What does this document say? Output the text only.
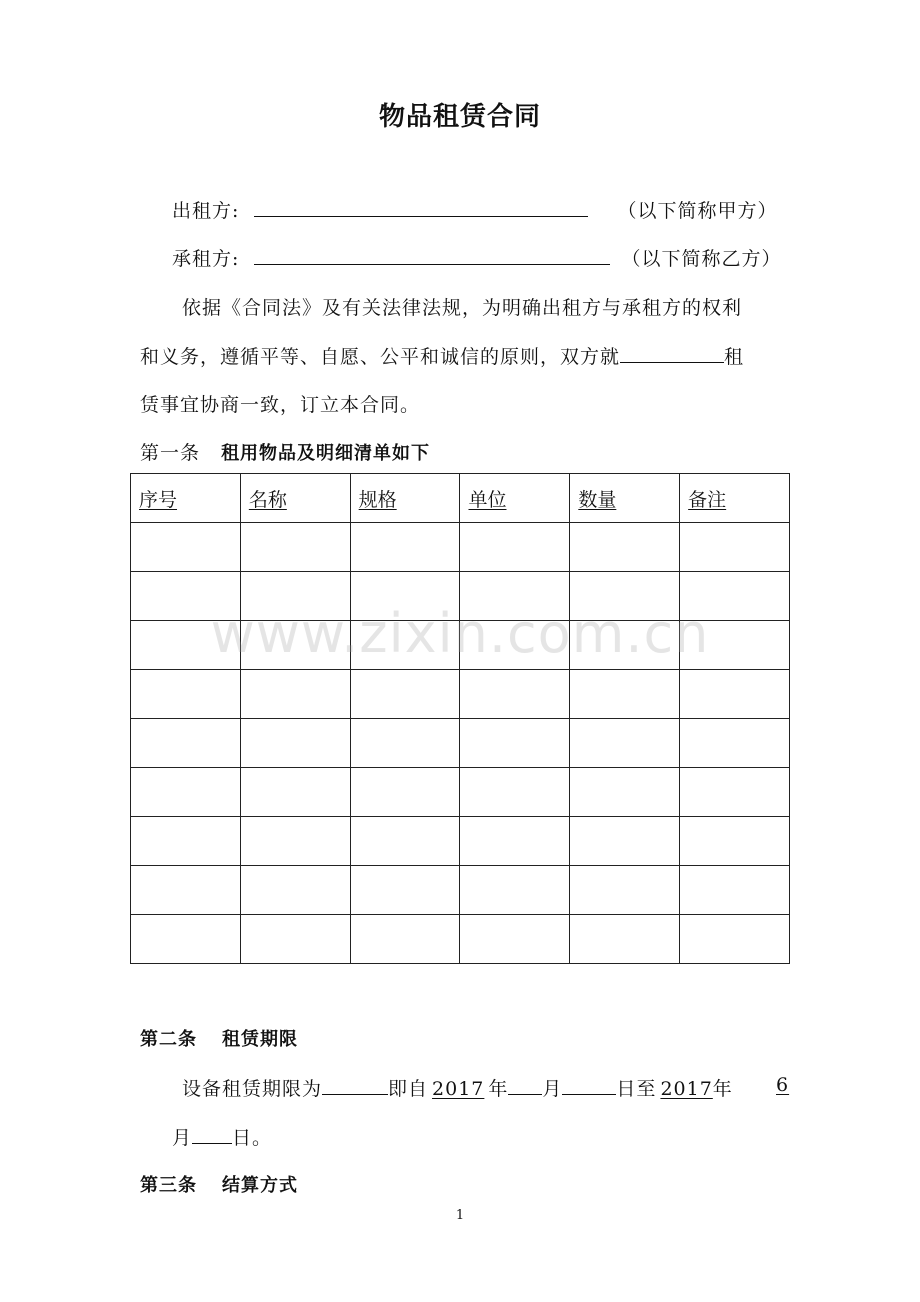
物品租赁合同
出租方:	（以下简称甲方）
承租方:	（以下简称乙方）
依据《合同法》及有关法律法规，为明确出租方与承租方的权利
和义务，遵循平等、自愿、公平和诚信的原则，双方就	租
赁事宜协商一致，订立本合同。
第一条 租用物品及明细清单如下
序号	名称	规格	单位	数量	备注

www.zixin.com.cn
第二条 租赁期限
设备租赁期限为	即自 2017 年 月	日至 2017年 6
月 日。
第三条 结算方式
1
